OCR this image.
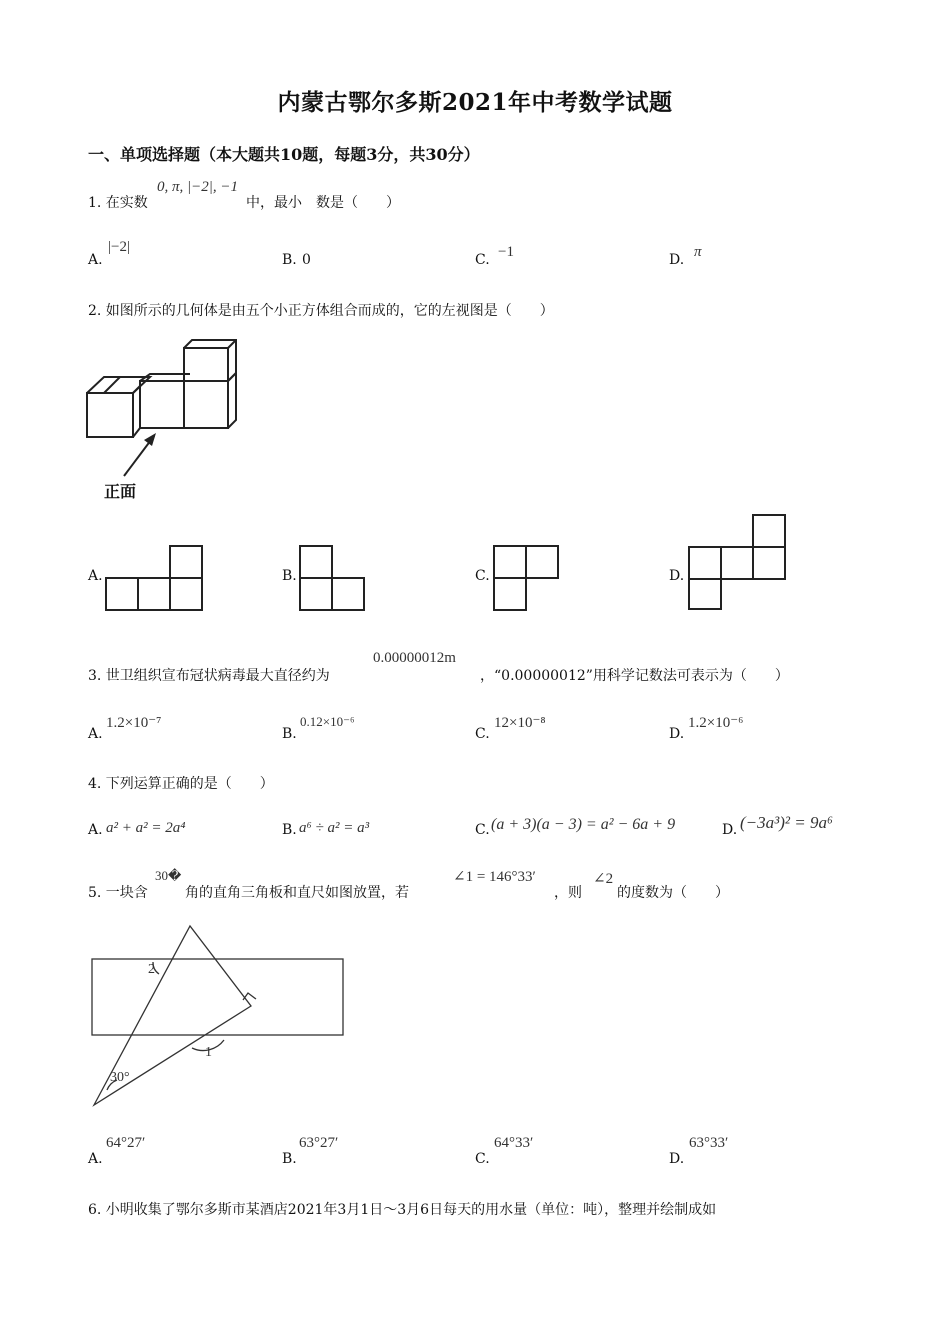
内蒙古鄂尔多斯2021年中考数学试题
一、单项选择题（本大题共10题，每题3分，共30分）
1. 在实数
0, π, |−2|, −1
中，最小　数是（　　）
A.
|−2|
B. 0	C. −1	D. π
2. 如图所示的几何体是由五个小正方体组合而成的，它的左视图是（　　）
正面
A.	B.	C.	D.
3. 世卫组织宣布冠状病毒最大直径约为
0.00000012m
，“0.00000012”用科学记数法可表示为（　　）
A.
1.2×10⁻⁷
B.
0.12×10⁻⁶
C.
12×10⁻⁸
D.
1.2×10⁻⁶
4. 下列运算正确的是（　　）
A. a² + a² = 2a⁴	B. a⁶ ÷ a² = a³	C. (a + 3)(a − 3) = a² − 6a + 9	D. (−3a³)² = 9a⁶
5. 一块含
30�
角的直角三角板和直尺如图放置，若
∠1 = 146°33′
，则
∠2
的度数为（　　）
2
1
30°
A.
64°27′
B.
63°27′
C.
64°33′
D.
63°33′
6. 小明收集了鄂尔多斯市某酒店2021年3月1日～3月6日每天的用水量（单位：吨），整理并绘制成如
